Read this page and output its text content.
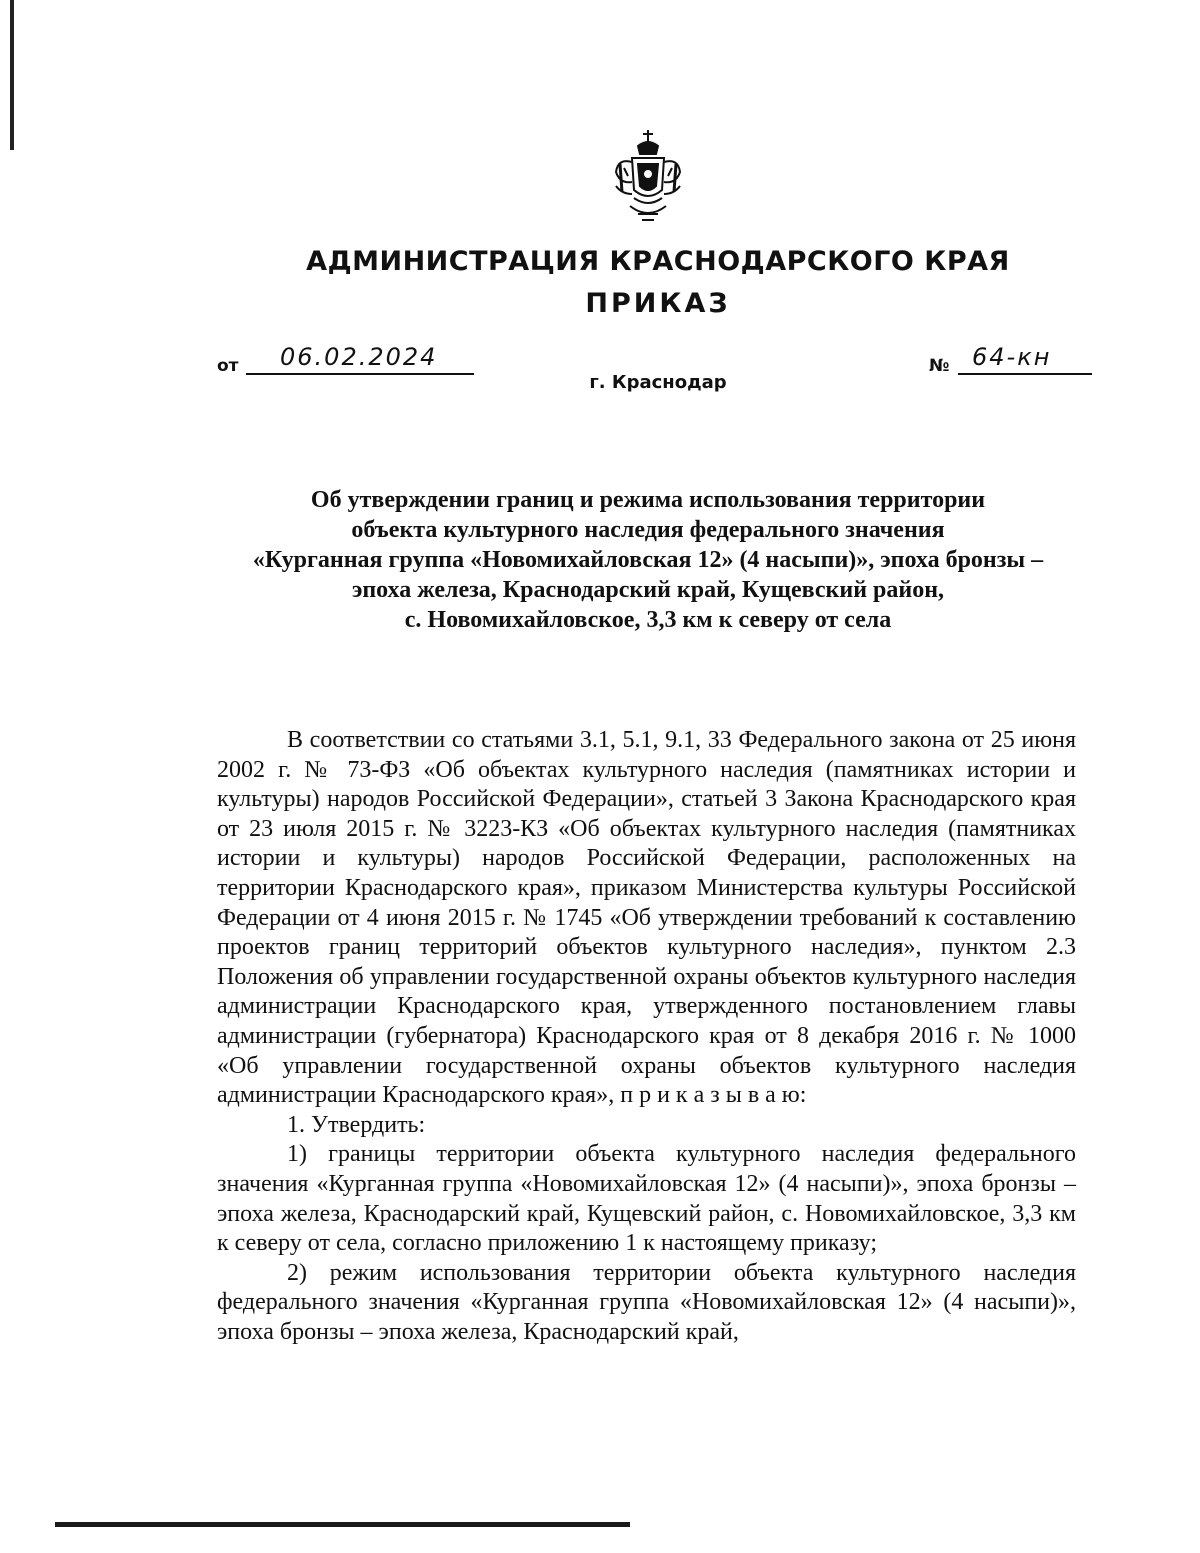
АДМИНИСТРАЦИЯ КРАСНОДАРСКОГО КРАЯ
ПРИКАЗ
от 06.02.2024	№ 64-кн
г. Краснодар
Об утверждении границ и режима использования территории
объекта культурного наследия федерального значения
«Курганная группа «Новомихайловская 12» (4 насыпи)», эпоха бронзы –
эпоха железа, Краснодарский край, Кущевский район,
с. Новомихайловское, 3,3 км к северу от села

В соответствии со статьями 3.1, 5.1, 9.1, 33 Федерального закона от 25 июня 2002 г. № 73-ФЗ «Об объектах культурного наследия (памятниках истории и культуры) народов Российской Федерации», статьей 3 Закона Краснодарского края от 23 июля 2015 г. № 3223-КЗ «Об объектах культурного наследия (памятниках истории и культуры) народов Российской Федерации, расположенных на территории Краснодарского края», приказом Министерства культуры Российской Федерации от 4 июня 2015 г. № 1745 «Об утверждении требований к составлению проектов границ территорий объектов культурного наследия», пунктом 2.3 Положения об управлении государственной охраны объектов культурного наследия администрации Краснодарского края, утвержденного постановлением главы администрации (губернатора) Краснодарского края от 8 декабря 2016 г. № 1000 «Об управлении государственной охраны объектов культурного наследия администрации Краснодарского края», п р и к а з ы в а ю:

1. Утвердить:

1) границы территории объекта культурного наследия федерального значения «Курганная группа «Новомихайловская 12» (4 насыпи)», эпоха бронзы – эпоха железа, Краснодарский край, Кущевский район, с. Новомихайловское, 3,3 км к северу от села, согласно приложению 1 к настоящему приказу;

2) режим использования территории объекта культурного наследия федерального значения «Курганная группа «Новомихайловская 12» (4 насыпи)», эпоха бронзы – эпоха железа, Краснодарский край,
